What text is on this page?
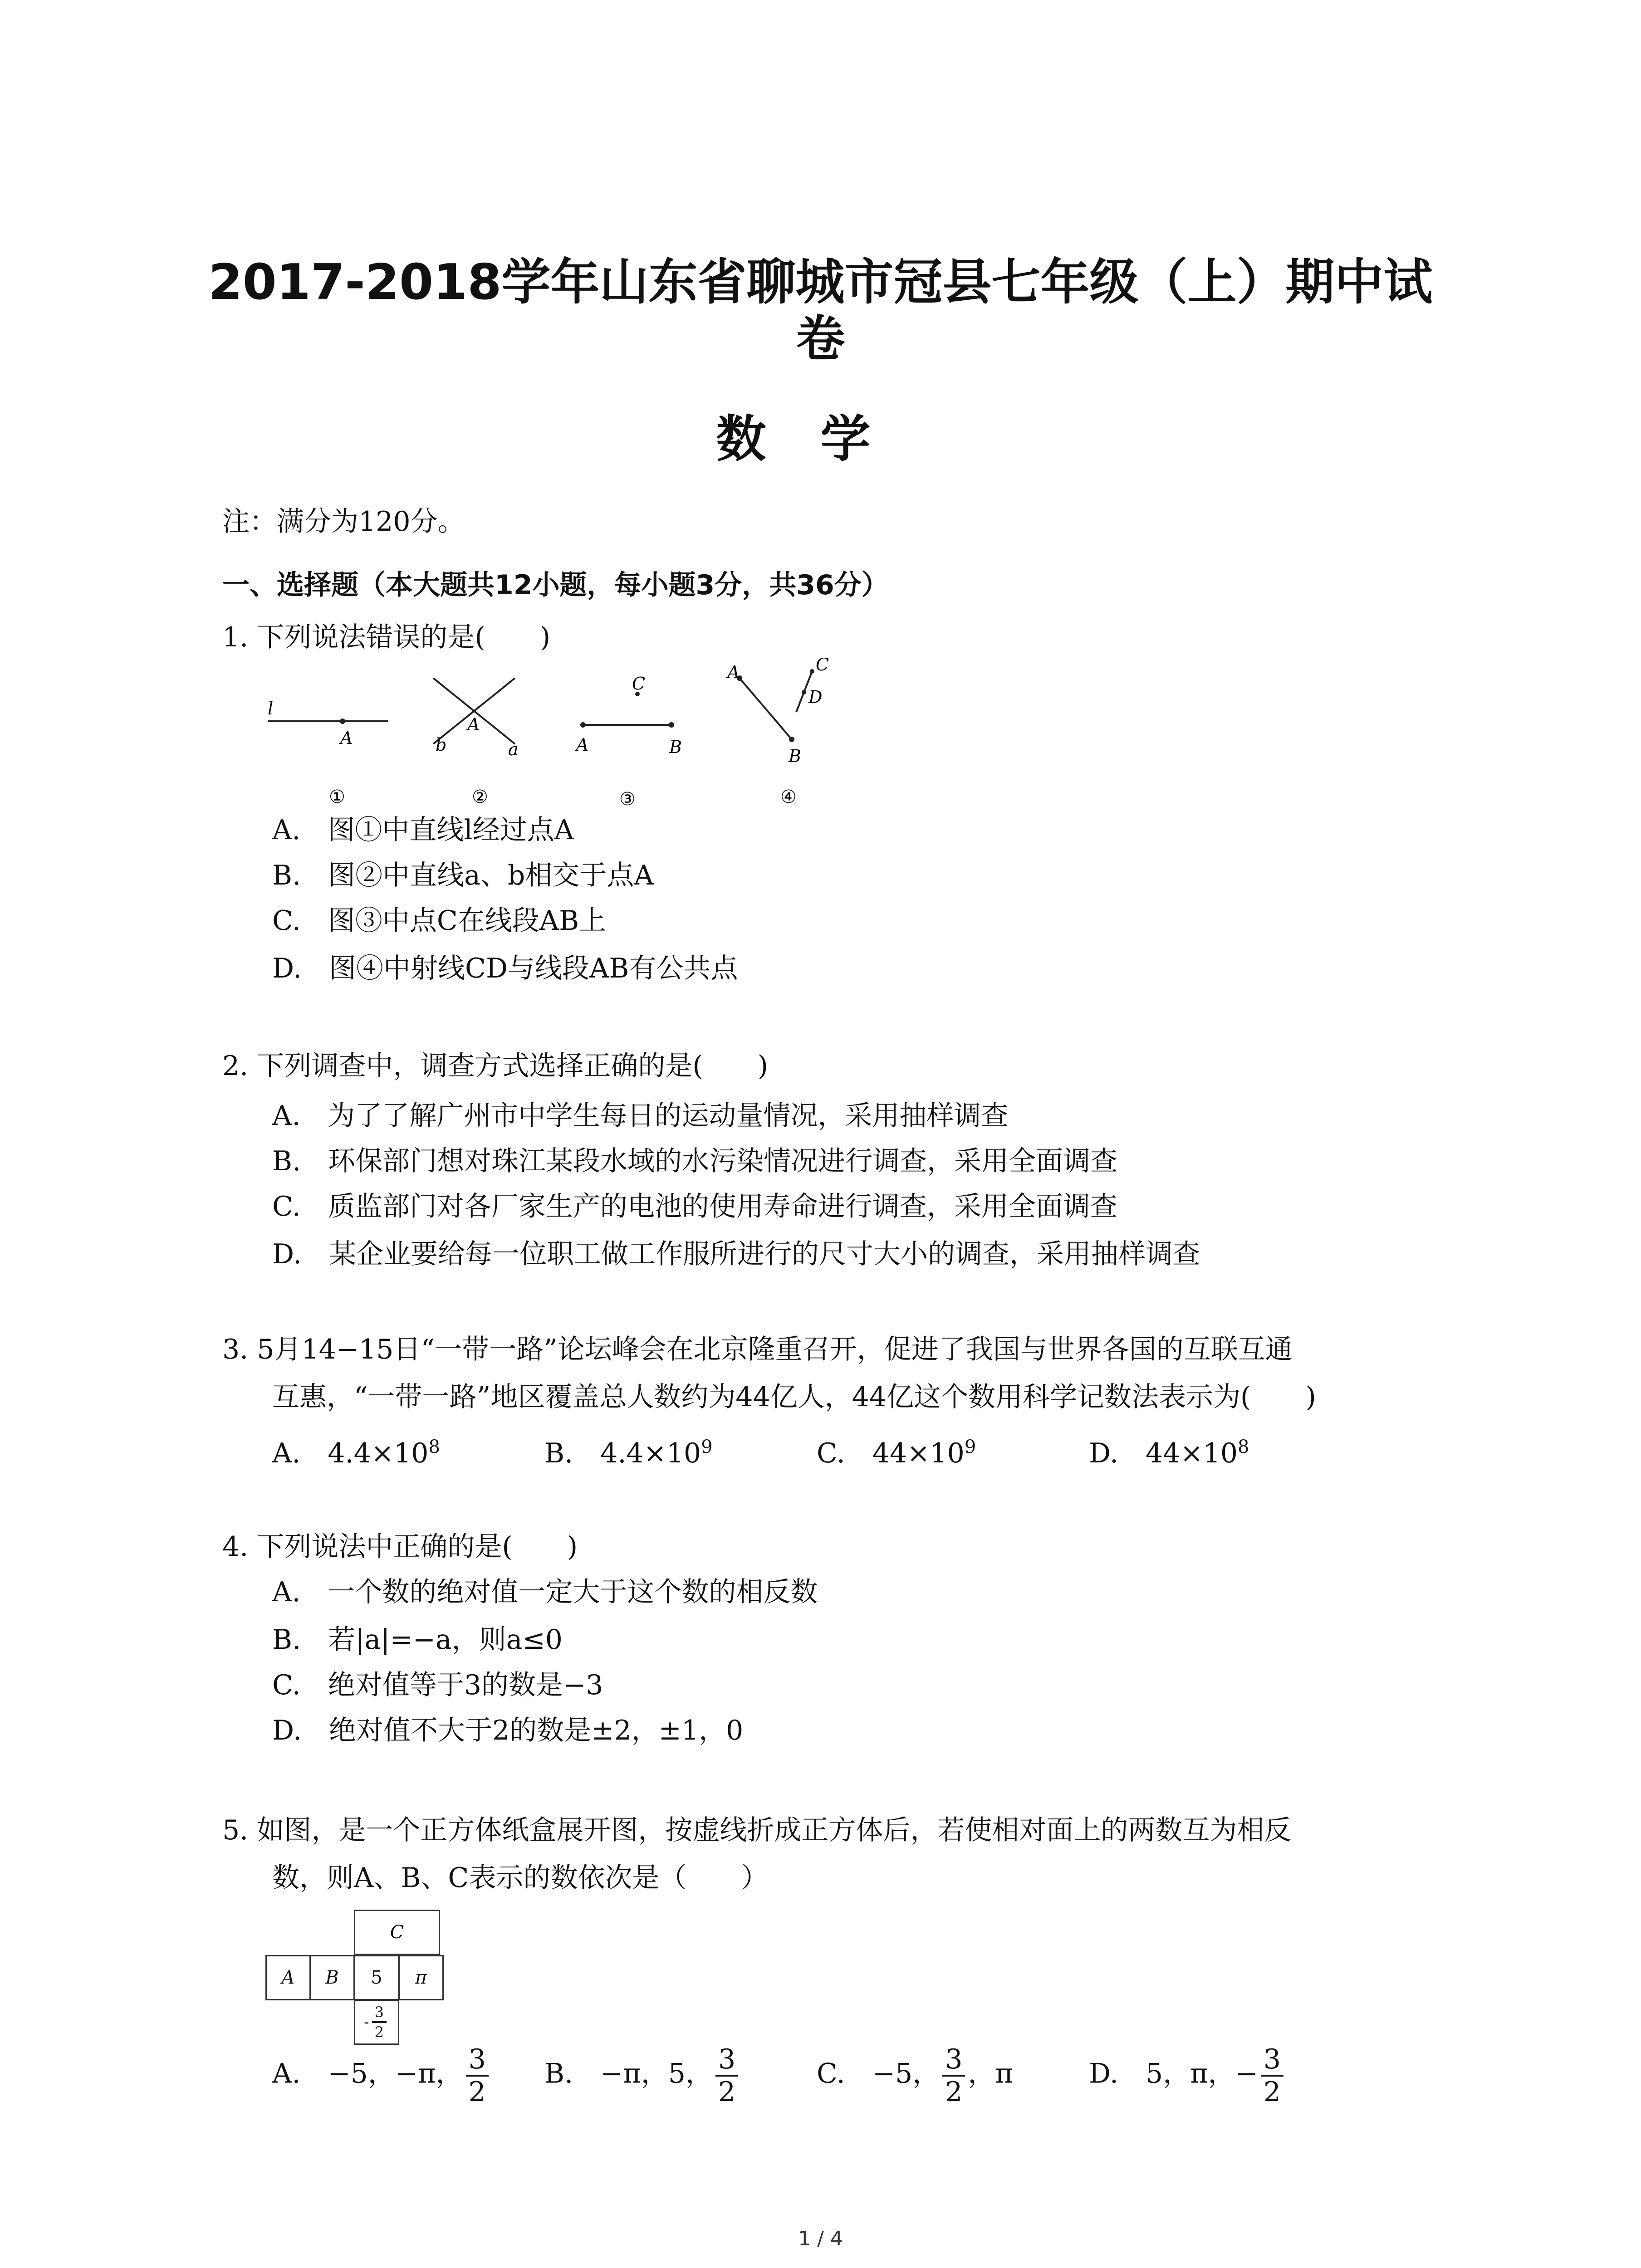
2017-2018学年山东省聊城市冠县七年级（上）期中试
卷
数学
注：满分为120分。
一、选择题（本大题共12小题，每小题3分，共36分）
1. 下列说法错误的是(　　)
l
A
A
b	a
C
A	B
A	C
D
B
①	②	③	④
A.　图①中直线l经过点A
B.　图②中直线a、b相交于点A
C.　图③中点C在线段AB上
D.　图④中射线CD与线段AB有公共点
2. 下列调查中，调查方式选择正确的是(　　)
A.　为了了解广州市中学生每日的运动量情况，采用抽样调查
B.　环保部门想对珠江某段水域的水污染情况进行调查，采用全面调查
C.　质监部门对各厂家生产的电池的使用寿命进行调查，采用全面调查
D.　某企业要给每一位职工做工作服所进行的尺寸大小的调查，采用抽样调查
3. 5月14−15日“一带一路”论坛峰会在北京隆重召开，促进了我国与世界各国的互联互通
互惠，“一带一路”地区覆盖总人数约为44亿人，44亿这个数用科学记数法表示为(　　)
A.　$4.4\times 10^8$	B.　$4.4\times 10^9$	C.　$44\times 10^9$	D.　$44\times 10^8$
4. 下列说法中正确的是(　　)
A.　一个数的绝对值一定大于这个数的相反数
B.　若|a|=−a，则a≤0
C.　绝对值等于3的数是−3
D.　绝对值不大于2的数是±2，±1，0
5. 如图，是一个正方体纸盒展开图，按虚线折成正方体后，若使相对面上的两数互为相反
数，则A、B、C表示的数依次是（　　）
C
A	B	5	π
- $\frac{3}{2}$
A.　−5，−π， $\frac{3}{2} B$.　−π，5， $\frac{3}{2}$	C.　−5， $\frac{3}{2}$ ，π	D.　5，π，− $\frac{3}{2}$
1 / 4
